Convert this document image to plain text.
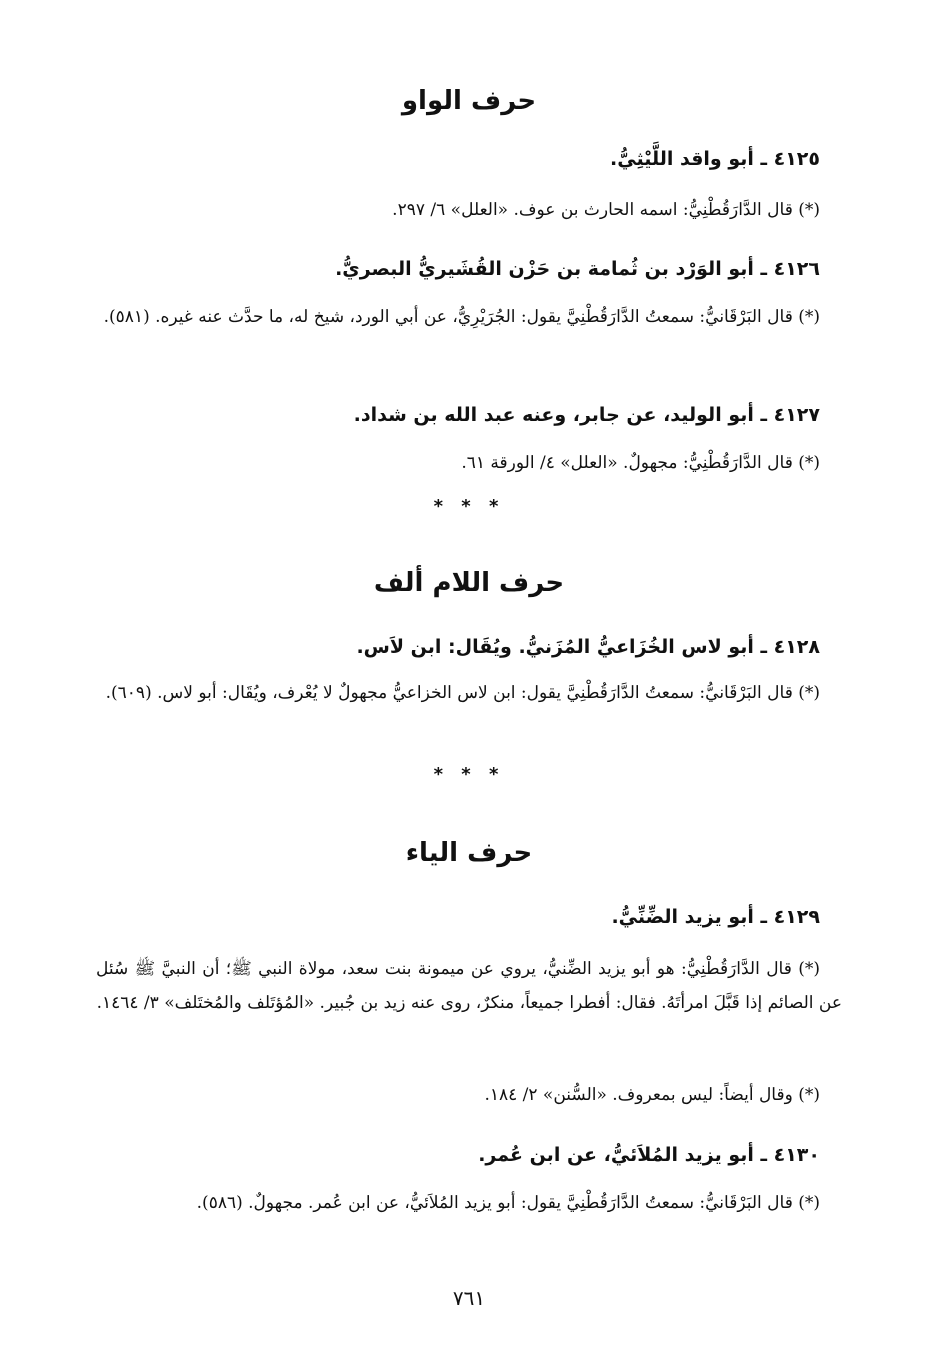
حرف الواو
٤١٢٥ ـ أبو واقد اللَّيْثِيُّ.
(*) قال الدَّارَقُطْنِيُّ: اسمه الحارث بن عوف. «العلل» ٦/ ٢٩٧.
٤١٢٦ ـ أبو الوَرْد بن ثُمامة بن حَزْن القُشَيريُّ البصريُّ.
(*) قال البَرْقَانيُّ: سمعتُ الدَّارَقُطْنِيَّ يقول: الجُرَيْرِيُّ، عن أبي الورد، شيخ له، ما حدَّث عنه غيره. (٥٨١).
٤١٢٧ ـ أبو الوليد، عن جابر، وعنه عبد الله بن شداد.
(*) قال الدَّارَقُطْنِيُّ: مجهولٌ. «العلل» ٤/ الورقة ٦١.
* * *
حرف اللام ألف
٤١٢٨ ـ أبو لاس الخُزَاعيُّ المُزَنيُّ. ويُقَال: ابن لاَس.
(*) قال البَرْقَانيُّ: سمعتُ الدَّارَقُطْنِيَّ يقول: ابن لاس الخزاعيُّ مجهولٌ لا يُعْرف، ويُقَال: أبو لاس. (٦٠٩).
* * *
حرف الياء
٤١٢٩ ـ أبو يزيد الضِّنِّيُّ.
(*) قال الدَّارَقُطْنِيُّ: هو أبو يزيد الضِّنيُّ، يروي عن ميمونة بنت سعد، مولاة النبي ﷺ؛ أن النبيَّ ﷺ سُئل عن الصائم إذا قَبَّلَ امرأتَهُ. فقال: أفطرا جميعاً، منكرٌ، روى عنه زيد بن جُبير. «المُؤتَلف والمُختَلف» ٣/ ١٤٦٤.
(*) وقال أيضاً: ليس بمعروف. «السُّنن» ٢/ ١٨٤.
٤١٣٠ ـ أبو يزيد المُلاَئيُّ، عن ابن عُمر.
(*) قال البَرْقَانيُّ: سمعتُ الدَّارَقُطْنِيَّ يقول: أبو يزيد المُلاَئيُّ، عن ابن عُمر. مجهولٌ. (٥٨٦).
٧٦١
